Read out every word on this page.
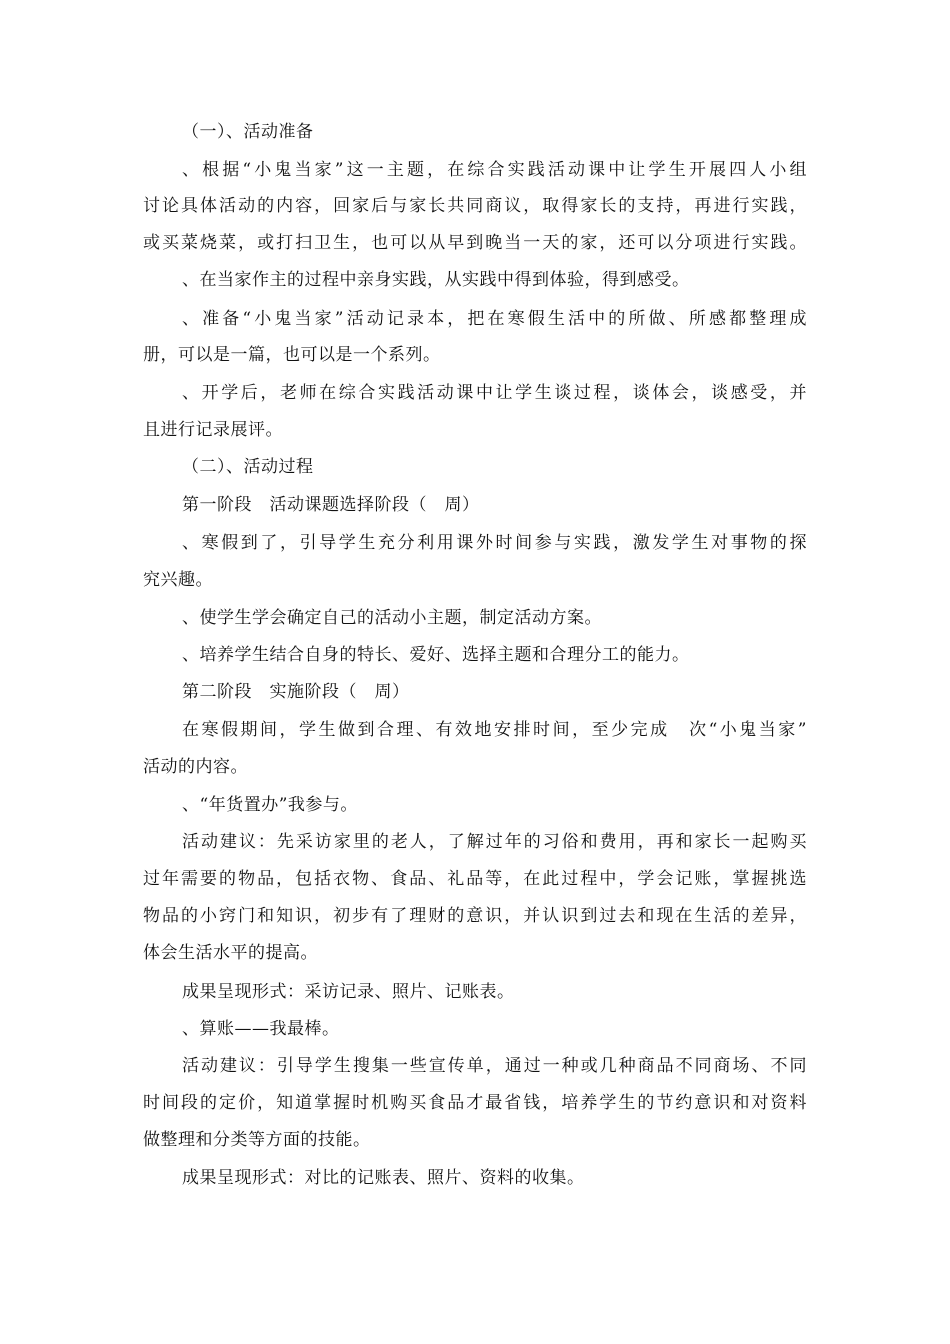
（一）、活动准备
、根据“小鬼当家”这一主题，在综合实践活动课中让学生开展四人小组
讨论具体活动的内容，回家后与家长共同商议，取得家长的支持，再进行实践，
或买菜烧菜，或打扫卫生，也可以从早到晚当一天的家，还可以分项进行实践。
、在当家作主的过程中亲身实践，从实践中得到体验，得到感受。
、准备“小鬼当家”活动记录本，把在寒假生活中的所做、所感都整理成
册，可以是一篇，也可以是一个系列。
、开学后，老师在综合实践活动课中让学生谈过程，谈体会，谈感受，并
且进行记录展评。
（二）、活动过程
第一阶段　活动课题选择阶段（　周）
、寒假到了，引导学生充分利用课外时间参与实践，激发学生对事物的探
究兴趣。
、使学生学会确定自己的活动小主题，制定活动方案。
、培养学生结合自身的特长、爱好、选择主题和合理分工的能力。
第二阶段　实施阶段（　周）
在寒假期间，学生做到合理、有效地安排时间，至少完成　次“小鬼当家”
活动的内容。
、“年货置办”我参与。
活动建议：先采访家里的老人，了解过年的习俗和费用，再和家长一起购买
过年需要的物品，包括衣物、食品、礼品等，在此过程中，学会记账，掌握挑选
物品的小窍门和知识，初步有了理财的意识，并认识到过去和现在生活的差异，
体会生活水平的提高。
成果呈现形式：采访记录、照片、记账表。
、算账——我最棒。
活动建议：引导学生搜集一些宣传单，通过一种或几种商品不同商场、不同
时间段的定价，知道掌握时机购买食品才最省钱，培养学生的节约意识和对资料
做整理和分类等方面的技能。
成果呈现形式：对比的记账表、照片、资料的收集。
